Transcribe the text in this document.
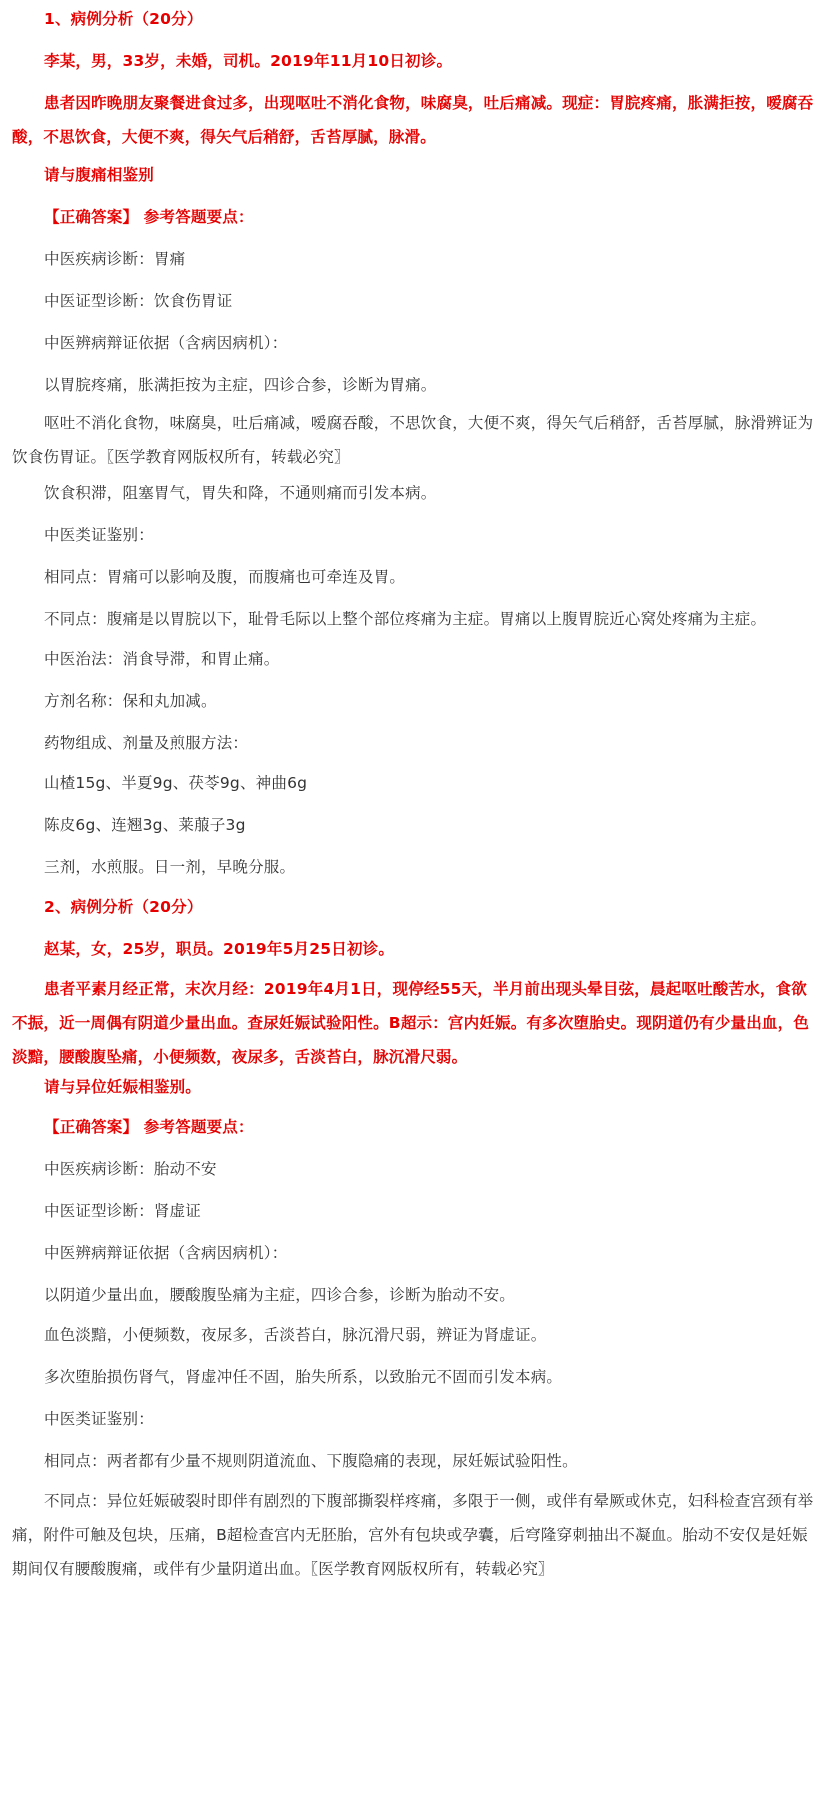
1、病例分析（20分）

李某，男，33岁，未婚，司机。2019年11月10日初诊。

患者因昨晚朋友聚餐进食过多，出现呕吐不消化食物，味腐臭，吐后痛减。现症：胃脘疼痛，胀满拒按，嗳腐吞酸，不思饮食，大便不爽，得矢气后稍舒，舌苔厚腻，脉滑。

请与腹痛相鉴别

【正确答案】 参考答题要点：

中医疾病诊断：胃痛

中医证型诊断：饮食伤胃证

中医辨病辩证依据（含病因病机）：

以胃脘疼痛，胀满拒按为主症，四诊合参，诊断为胃痛。

呕吐不消化食物，味腐臭，吐后痛减，嗳腐吞酸，不思饮食，大便不爽，得矢气后稍舒，舌苔厚腻，脉滑辨证为饮食伤胃证。〖医学教育网版权所有，转载必究〗

饮食积滞，阻塞胃气，胃失和降，不通则痛而引发本病。

中医类证鉴别：

相同点：胃痛可以影响及腹，而腹痛也可牵连及胃。

不同点：腹痛是以胃脘以下，耻骨毛际以上整个部位疼痛为主症。胃痛以上腹胃脘近心窝处疼痛为主症。

中医治法：消食导滞，和胃止痛。

方剂名称：保和丸加减。

药物组成、剂量及煎服方法：

山楂15g、半夏9g、茯苓9g、神曲6g

陈皮6g、连翘3g、莱菔子3g

三剂，水煎服。日一剂，早晚分服。

2、病例分析（20分）

赵某，女，25岁，职员。2019年5月25日初诊。

患者平素月经正常，末次月经：2019年4月1日，现停经55天，半月前出现头晕目弦，晨起呕吐酸苦水，食欲不振，近一周偶有阴道少量出血。查尿妊娠试验阳性。B超示：宫内妊娠。有多次堕胎史。现阴道仍有少量出血，色淡黯，腰酸腹坠痛，小便频数，夜尿多，舌淡苔白，脉沉滑尺弱。

请与异位妊娠相鉴别。

【正确答案】 参考答题要点：

中医疾病诊断：胎动不安

中医证型诊断：肾虚证

中医辨病辩证依据（含病因病机）：

以阴道少量出血，腰酸腹坠痛为主症，四诊合参，诊断为胎动不安。

血色淡黯，小便频数，夜尿多，舌淡苔白，脉沉滑尺弱，辨证为肾虚证。

多次堕胎损伤肾气，肾虚冲任不固，胎失所系，以致胎元不固而引发本病。

中医类证鉴别：

相同点：两者都有少量不规则阴道流血、下腹隐痛的表现，尿妊娠试验阳性。

不同点：异位妊娠破裂时即伴有剧烈的下腹部撕裂样疼痛，多限于一侧，或伴有晕厥或休克，妇科检查宫颈有举痛，附件可触及包块，压痛，B超检查宫内无胚胎，宫外有包块或孕囊，后穹隆穿刺抽出不凝血。胎动不安仅是妊娠期间仅有腰酸腹痛，或伴有少量阴道出血。〖医学教育网版权所有，转载必究〗
